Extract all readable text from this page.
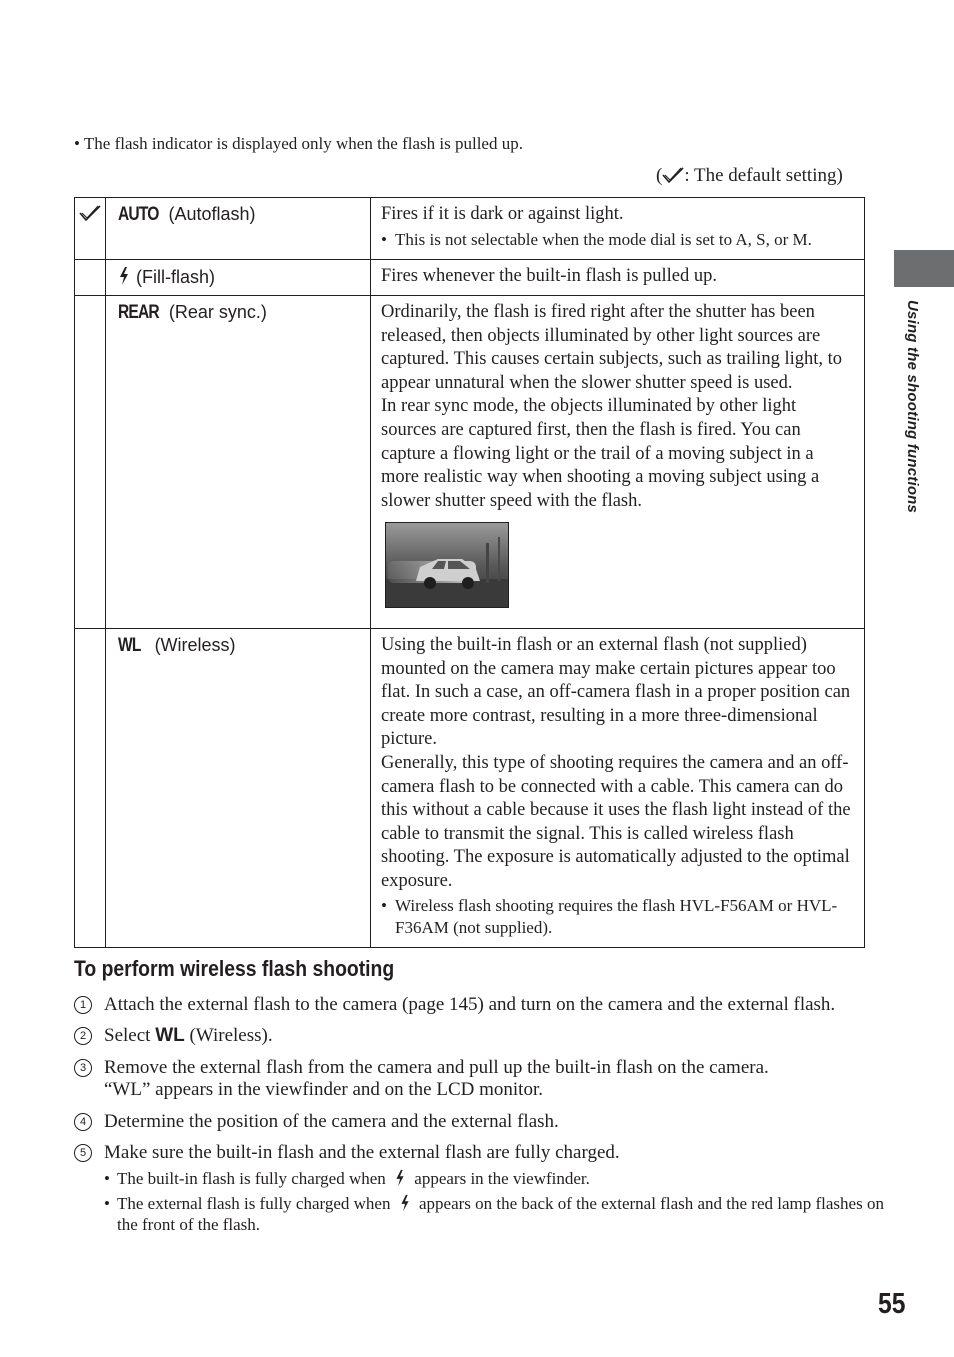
• The flash indicator is displayed only when the flash is pulled up.
( : The default setting)
	AUTO (Autoflash)	Fires if it is dark or against light.
• This is not selectable when the mode dial is set to A, S, or M.

	(Fill-flash)	Fires whenever the built-in flash is pulled up.

	REAR (Rear sync.)	Ordinarily, the flash is fired right after the shutter has been released, then objects illuminated by other light sources are captured. This causes certain subjects, such as trailing light, to appear unnatural when the slower shutter speed is used.
In rear sync mode, the objects illuminated by other light sources are captured first, then the flash is fired. You can capture a flowing light or the trail of a moving subject in a more realistic way when shooting a moving subject using a slower shutter speed with the flash.

	WL (Wireless)	Using the built-in flash or an external flash (not supplied) mounted on the camera may make certain pictures appear too flat. In such a case, an off-camera flash in a proper position can create more contrast, resulting in a more three-dimensional picture.
Generally, this type of shooting requires the camera and an off-camera flash to be connected with a cable. This camera can do this without a cable because it uses the flash light instead of the cable to transmit the signal. This is called wireless flash shooting. The exposure is automatically adjusted to the optimal exposure.
• Wireless flash shooting requires the flash HVL-F56AM or HVL-F36AM (not supplied).
To perform wireless flash shooting
1 Attach the external flash to the camera (page 145) and turn on the camera and the external flash.
2 Select WL (Wireless).
3 Remove the external flash from the camera and pull up the built-in flash on the camera.
“WL” appears in the viewfinder and on the LCD monitor.
4 Determine the position of the camera and the external flash.
5 Make sure the built-in flash and the external flash are fully charged.
• The built-in flash is fully charged when appears in the viewfinder.
• The external flash is fully charged when appears on the back of the external flash and the red lamp flashes on the front of the flash.
Using the shooting functions
55
